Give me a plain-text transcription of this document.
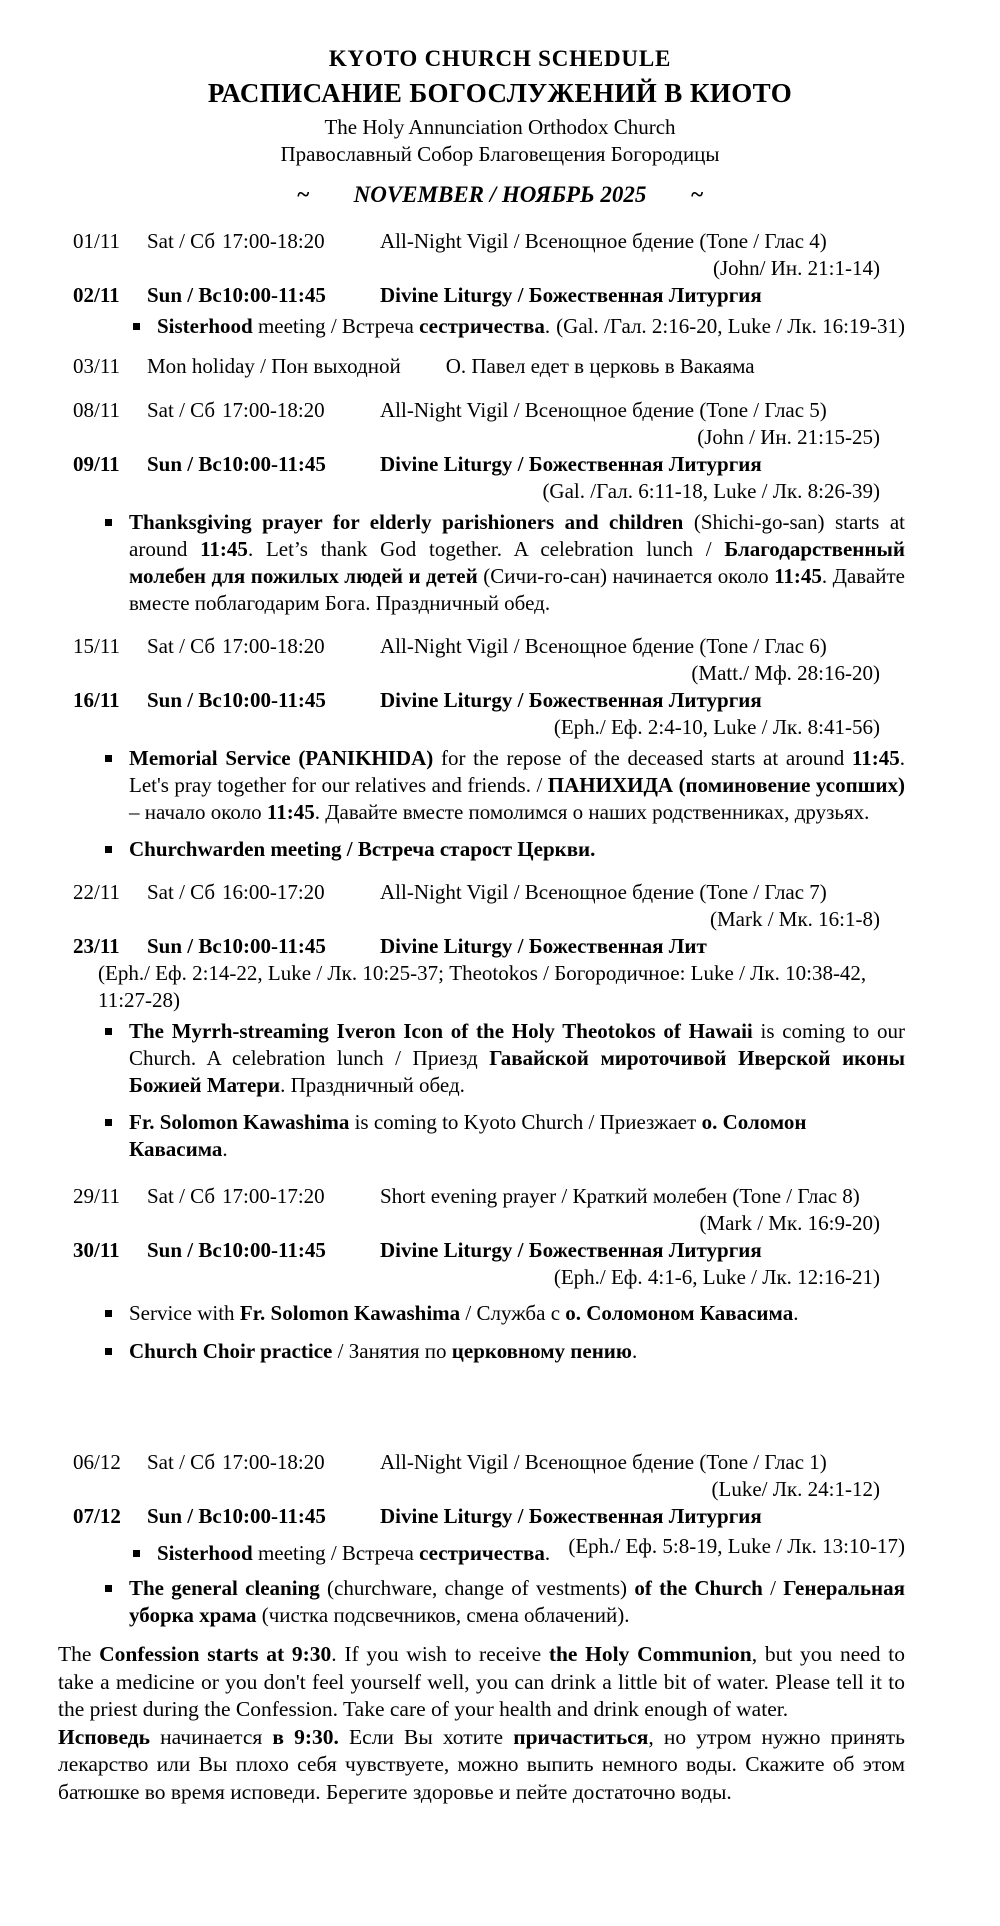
KYOTO CHURCH SCHEDULE
РАСПИСАНИЕ БОГОСЛУЖЕНИЙ В КИОТО
The Holy Annunciation Orthodox Church
Православный Собор Благовещения Богородицы
~ NOVEMBER / НОЯБРЬ 2025 ~
01/11	Sat / Сб 17:00-18:20	All-Night Vigil / Всенощное бдение (Tone / Глас 4)
(John/ Ин. 21:1-14)
02/11	Sun / Вс 10:00-11:45	Divine Liturgy / Божественная Литургия
Sisterhood meeting / Встреча сестричества. (Gal. /Гал. 2:16-20, Luke / Лк. 16:19-31)
03/11	Mon holiday / Пон выходной О. Павел едет в церковь в Вакаяма
08/11	Sat / Сб 17:00-18:20	All-Night Vigil / Всенощное бдение (Tone / Глас 5)
(John / Ин. 21:15-25)
09/11	Sun / Вс 10:00-11:45	Divine Liturgy / Божественная Литургия
(Gal. /Гал. 6:11-18, Luke / Лк. 8:26-39)
Thanksgiving prayer for elderly parishioners and children (Shichi-go-san) starts at around 11:45. Let’s thank God together. A celebration lunch / Благодарственный молебен для пожилых людей и детей (Сичи-го-сан) начинается около 11:45. Давайте вместе поблагодарим Бога. Праздничный обед.
15/11	Sat / Сб 17:00-18:20	All-Night Vigil / Всенощное бдение (Tone / Глас 6)
(Matt./ Мф. 28:16-20)
16/11	Sun / Вс 10:00-11:45	Divine Liturgy / Божественная Литургия
(Eph./ Еф. 2:4-10, Luke / Лк. 8:41-56)
Memorial Service (PANIKHIDA) for the repose of the deceased starts at around 11:45. Let's pray together for our relatives and friends. / ПАНИХИДА (поминовение усопших) – начало около 11:45. Давайте вместе помолимся о наших родственниках, друзьях.
Churchwarden meeting / Встреча старост Церкви.
22/11	Sat / Сб 16:00-17:20	All-Night Vigil / Всенощное бдение (Tone / Глас 7)
(Mark / Мк. 16:1-8)
23/11	Sun / Вс 10:00-11:45	Divine Liturgy / Божественная Лит
(Eph./ Еф. 2:14-22, Luke / Лк. 10:25-37; Theotokos / Богородичное: Luke / Лк. 10:38-42, 11:27-28)
The Myrrh-streaming Iveron Icon of the Holy Theotokos of Hawaii is coming to our Church. A celebration lunch / Приезд Гавайской мироточивой Иверской иконы Божией Матери. Праздничный обед.
Fr. Solomon Kawashima is coming to Kyoto Church / Приезжает о. Соломон Кавасима.
29/11	Sat / Сб 17:00-17:20	Short evening prayer / Краткий молебен (Tone / Глас 8)
(Mark / Мк. 16:9-20)
30/11	Sun / Вс 10:00-11:45	Divine Liturgy / Божественная Литургия
(Eph./ Еф. 4:1-6, Luke / Лк. 12:16-21)
Service with Fr. Solomon Kawashima / Служба с о. Соломоном Кавасима.
Church Choir practice / Занятия по церковному пению.
06/12	Sat / Сб 17:00-18:20	All-Night Vigil / Всенощное бдение (Tone / Глас 1)
(Luke/ Лк. 24:1-12)
07/12	Sun / Вс 10:00-11:45	Divine Liturgy / Божественная Литургия
Sisterhood meeting / Встреча сестричества. (Eph./ Еф. 5:8-19, Luke / Лк. 13:10-17)
The general cleaning (churchware, change of vestments) of the Church / Генеральная уборка храма (чистка подсвечников, смена облачений).

The Confession starts at 9:30. If you wish to receive the Holy Communion, but you need to take a medicine or you don't feel yourself well, you can drink a little bit of water. Please tell it to the priest during the Confession. Take care of your health and drink enough of water.

Исповедь начинается в 9:30. Если Вы хотите причаститься, но утром нужно принять лекарство или Вы плохо себя чувствуете, можно выпить немного воды. Скажите об этом батюшке во время исповеди. Берегите здоровье и пейте достаточно воды.
